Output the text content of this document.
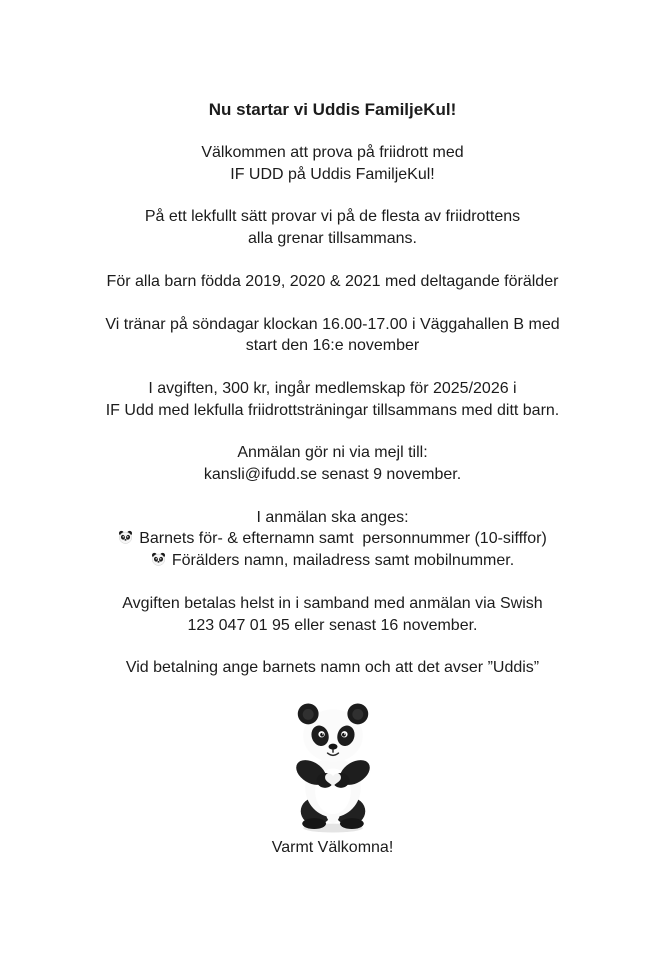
Nu startar vi Uddis FamiljeKul!

Välkommen att prova på friidrott med
IF UDD på Uddis FamiljeKul!

På ett lekfullt sätt provar vi på de flesta av friidrottens
alla grenar tillsammans.

För alla barn födda 2019, 2020 & 2021 med deltagande förälder

Vi tränar på söndagar klockan 16.00-17.00 i Väggahallen B med
start den 16:e november

I avgiften, 300 kr, ingår medlemskap för 2025/2026 i
IF Udd med lekfulla friidrottsträningar tillsammans med ditt barn.

Anmälan gör ni via mejl till:
kansli@ifudd.se senast 9 november.

I anmälan ska anges:
Barnets för- & efternamn samt  personnummer (10-sifffor)
Förälders namn, mailadress samt mobilnummer.

Avgiften betalas helst in i samband med anmälan via Swish
123 047 01 95 eller senast 16 november.

Vid betalning ange barnets namn och att det avser ”Uddis”

Varmt Välkomna!
